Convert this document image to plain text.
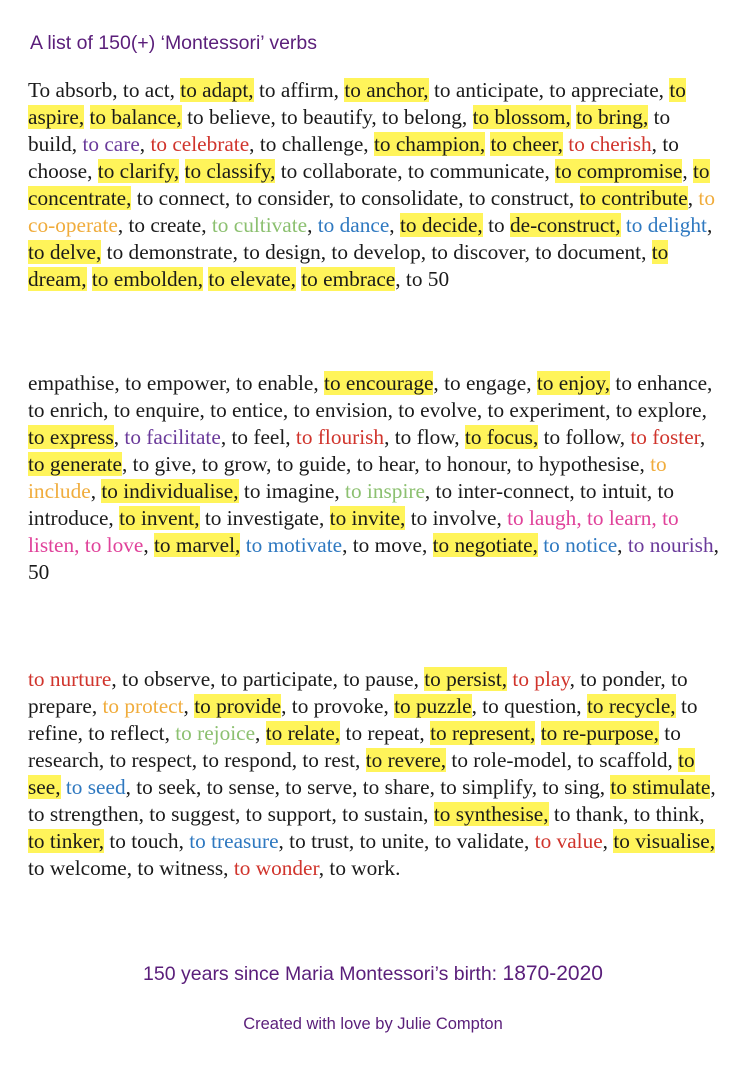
A list of 150(+) ‘Montessori’ verbs
To absorb, to act, to adapt, to affirm, to anchor, to anticipate, to appreciate, to aspire, to balance, to believe, to beautify, to belong, to blossom, to bring, to build, to care, to celebrate, to challenge, to champion, to cheer, to cherish, to choose, to clarify, to classify, to collaborate, to communicate, to compromise, to concentrate, to connect, to consider, to consolidate, to construct, to contribute, to co-operate, to create, to cultivate, to dance, to decide, to de-construct, to delight, to delve, to demonstrate, to design, to develop, to discover, to document, to dream, to embolden, to elevate, to embrace, to 50
empathise, to empower, to enable, to encourage, to engage, to enjoy, to enhance, to enrich, to enquire, to entice, to envision, to evolve, to experiment, to explore, to express, to facilitate, to feel, to flourish, to flow, to focus, to follow, to foster, to generate, to give, to grow, to guide, to hear, to honour, to hypothesise, to include, to individualise, to imagine, to inspire, to inter-connect, to intuit, to introduce, to invent, to investigate, to invite, to involve, to laugh, to learn, to listen, to love, to marvel, to motivate, to move, to negotiate, to notice, to nourish, 50
to nurture, to observe, to participate, to pause, to persist, to play, to ponder, to prepare, to protect, to provide, to provoke, to puzzle, to question, to recycle, to refine, to reflect, to rejoice, to relate, to repeat, to represent, to re-purpose, to research, to respect, to respond, to rest, to revere, to role-model, to scaffold, to see, to seed, to seek, to sense, to serve, to share, to simplify, to sing, to stimulate, to strengthen, to suggest, to support, to sustain, to synthesise, to thank, to think, to tinker, to touch, to treasure, to trust, to unite, to validate, to value, to visualise, to welcome, to witness, to wonder, to work.
150 years since Maria Montessori’s birth: 1870-2020
Created with love by Julie Compton
